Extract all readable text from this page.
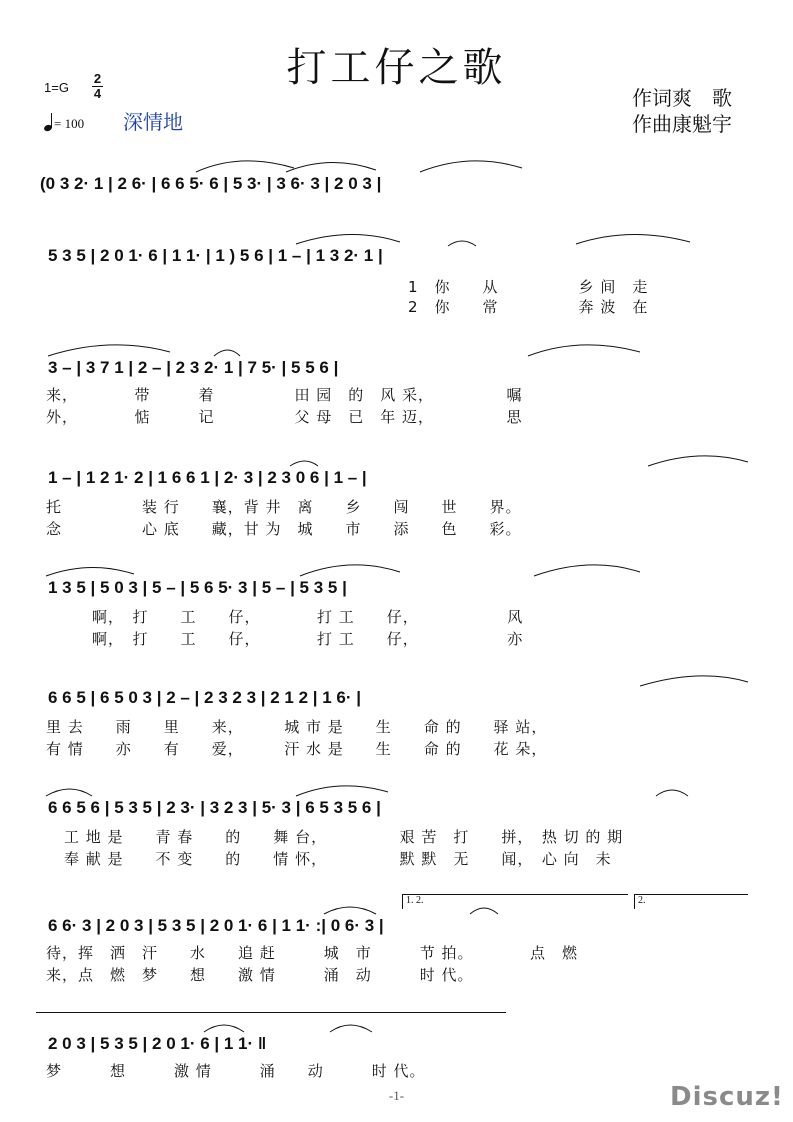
打工仔之歌
1=G
2
4
= 100 深情地
作词爽　歌
作曲康魁宇
(0 3 2· 1 | 2 6· | 6 6 5· 6 | 5 3· | 3 6· 3 | 2 0 3 |
5 3 5 | 2 0 1· 6 | 1 1· | 1 ) 5 6 | 1 – | 1 3 2· 1 |
1　你　　从　　　　　乡 间　走
2　你　　常　　　　　奔 波　在
3 – | 3 7 1 | 2 – | 2 3 2· 1 | 7 5· | 5 5 6 |
来，　　　　带　　　着　　　　　田 园　的　风 采，　　　　　嘱
外，　　　　惦　　　记　　　　　父 母　已　年 迈，　　　　　思
1 – | 1 2 1· 2 | 1 6 6 1 | 2· 3 | 2 3 0 6 | 1 – |
托　　　　　装 行　　襄，背 井　离　　乡　　闯　　世　　界。
念　　　　　心 底　　藏，甘 为　城　　市　　添　　色　　彩。
1 3 5 | 5 0 3 | 5 – | 5 6 5· 3 | 5 – | 5 3 5 |
啊，　打　　工　　仔，　　　　打 工　　仔，　　　　　　风
啊，　打　　工　　仔，　　　　打 工　　仔，　　　　　　亦
6 6 5 | 6 5 0 3 | 2 – | 2 3 2 3 | 2 1 2 | 1 6· |
里 去　　雨　　里　　来，　　　城 市 是　　生　　命 的　　驿 站，
有 情　　亦　　有　　爱，　　　汗 水 是　　生　　命 的　　花 朵，
6 6 5 6 | 5 3 5 | 2 3· | 3 2 3 | 5· 3 | 6 5 3 5 6 |
工 地 是　　青 春　　的　　舞 台，　　　　　艰 苦　打　　拼，　热 切 的 期
奉 献 是　　不 变　　的　　情 怀，　　　　　默 默　无　　闻，　心 向　未
1. 2.	2.
6 6· 3 | 2 0 3 | 5 3 5 | 2 0 1· 6 | 1 1· :| 0 6· 3 |
待，挥　洒　汗　　水　　追 赶　　　城　市　　　节 拍。　　　　点　燃
来，点　燃　梦　　想　　激 情　　　涌　动　　　时 代。
2 0 3 | 5 3 5 | 2 0 1· 6 | 1 1· ‖
梦　　　想　　　激 情　　　涌　　动　　　时 代。
-1-	Discuz!
